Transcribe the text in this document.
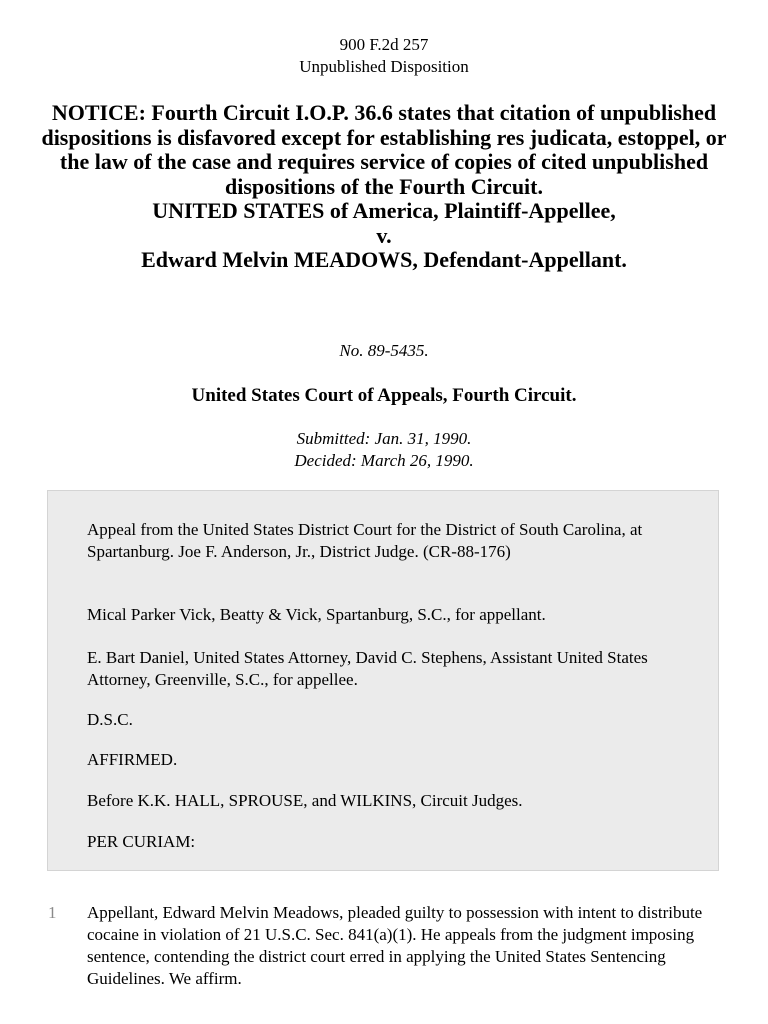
900 F.2d 257
Unpublished Disposition
NOTICE: Fourth Circuit I.O.P. 36.6 states that citation of unpublished dispositions is disfavored except for establishing res judicata, estoppel, or the law of the case and requires service of copies of cited unpublished dispositions of the Fourth Circuit.
UNITED STATES of America, Plaintiff-Appellee,
v.
Edward Melvin MEADOWS, Defendant-Appellant.
No. 89-5435.
United States Court of Appeals, Fourth Circuit.
Submitted: Jan. 31, 1990.
Decided: March 26, 1990.

Appeal from the United States District Court for the District of South Carolina, at Spartanburg. Joe F. Anderson, Jr., District Judge. (CR-88-176)

Mical Parker Vick, Beatty & Vick, Spartanburg, S.C., for appellant.

E. Bart Daniel, United States Attorney, David C. Stephens, Assistant United States Attorney, Greenville, S.C., for appellee.

D.S.C.

AFFIRMED.

Before K.K. HALL, SPROUSE, and WILKINS, Circuit Judges.

PER CURIAM:

1 Appellant, Edward Melvin Meadows, pleaded guilty to possession with intent to distribute cocaine in violation of 21 U.S.C. Sec. 841(a)(1). He appeals from the judgment imposing sentence, contending the district court erred in applying the United States Sentencing Guidelines. We affirm.
